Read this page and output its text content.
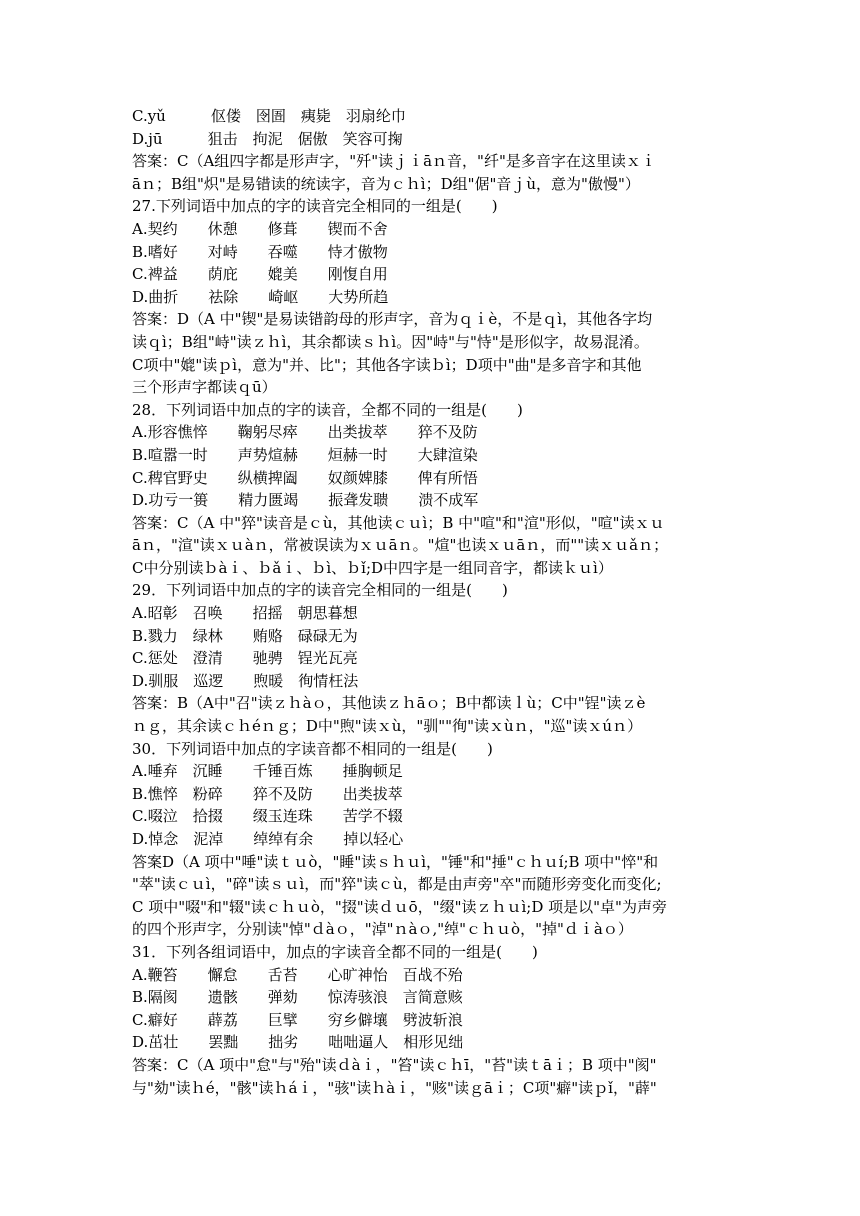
C.yǔ　　　伛偻　囹圄　痍毙　羽扇纶巾
D.jū　　　狙击　拘泥　倨傲　笑容可掬
答案：C（A组四字都是形声字，"歼"读ｊｉāｎ音，"纤"是多音字在这里读ｘｉ
āｎ；B组"炽"是易错读的统读字，音为ｃｈì；D组"倨"音ｊù，意为"傲慢"）
27.下列词语中加点的字的读音完全相同的一组是(　　)
A.契约　　休憩　　修葺　　锲而不舍
B.嗜好　　对峙　　吞噬　　恃才傲物
C.裨益　　荫庇　　媲美　　刚愎自用
D.曲折　　祛除　　崎岖　　大势所趋
答案：D（A 中"锲"是易读错韵母的形声字，音为ｑｉè，不是ｑì，其他各字均
读ｑì；B组"峙"读ｚｈì，其余都读ｓｈì。因"峙"与"恃"是形似字，故易混淆。
C项中"媲"读ｐì，意为"并、比"；其他各字读ｂì；D项中"曲"是多音字和其他
三个形声字都读ｑū）
28．下列词语中加点的字的读音，全都不同的一组是(　　)
A.形容憔悴　　鞠躬尽瘁　　出类拔萃　　猝不及防
B.喧嚣一时　　声势煊赫　　烜赫一时　　大肆渲染
C.稗官野史　　纵横捭阖　　奴颜婢膝　　俾有所悟
D.功亏一篑　　精力匮竭　　振聋发聩　　溃不成军
答案：C（A 中"猝"读音是ｃù，其他读ｃｕì；B 中"喧"和"渲"形似，"喧"读ｘｕ
āｎ，"渲"读ｘｕàｎ，常被误读为ｘｕāｎ。"煊"也读ｘｕāｎ，而""读ｘｕǎｎ；
C中分别读ｂàｉ、ｂǎｉ、ｂì、ｂǐ;D中四字是一组同音字，都读ｋｕì）
29．下列词语中加点的字的读音完全相同的一组是(　　)
A.昭彰　召唤　　招摇　朝思暮想
B.戮力　绿林　　贿赂　碌碌无为
C.惩处　澄清　　驰骋　锃光瓦亮
D.驯服　巡逻　　煦暖　徇情枉法
答案：B（A中"召"读ｚｈàｏ，其他读ｚｈāｏ；B中都读ｌù；C中"锃"读ｚè
ｎｇ，其余读ｃｈéｎｇ；D中"煦"读ｘù，"驯""徇"读ｘùｎ，"巡"读ｘúｎ）
30．下列词语中加点的字读音都不相同的一组是(　　)
A.唾弃　沉睡　　千锤百炼　　捶胸顿足
B.憔悴　粉碎　　猝不及防　　出类拔萃
C.啜泣　拾掇　　缀玉连珠　　苦学不辍
D.悼念　泥淖　　绰绰有余　　掉以轻心
答案D（A 项中"唾"读ｔｕò，"睡"读ｓｈｕì，"锤"和"捶"ｃｈｕí;B 项中"悴"和
"萃"读ｃｕì，"碎"读ｓｕì，而"猝"读ｃù，都是由声旁"卒"而随形旁变化而变化;
C 项中"啜"和"辍"读ｃｈｕò，"掇"读ｄｕō，"缀"读ｚｈｕì;D 项是以"卓"为声旁
的四个形声字，分别读"悼"ｄàｏ，"淖"ｎàｏ,"绰"ｃｈｕò，"掉"ｄｉàｏ）
31．下列各组词语中，加点的字读音全都不同的一组是(　　)
A.鞭笞　　懈怠　　舌苔　　心旷神怡　百战不殆
B.隔阂　　遗骸　　弹劾　　惊涛骇浪　言简意赅
C.癖好　　薜荔　　巨擘　　穷乡僻壤　劈波斩浪
D.茁壮　　罢黜　　拙劣　　咄咄逼人　相形见绌
答案：C（A 项中"怠"与"殆"读ｄàｉ，"笞"读ｃｈī，"苔"读ｔāｉ；B 项中"阂"
与"劾"读ｈé，"骸"读ｈáｉ，"骇"读ｈàｉ，"赅"读ｇāｉ；C项"癖"读ｐǐ，"薜"
